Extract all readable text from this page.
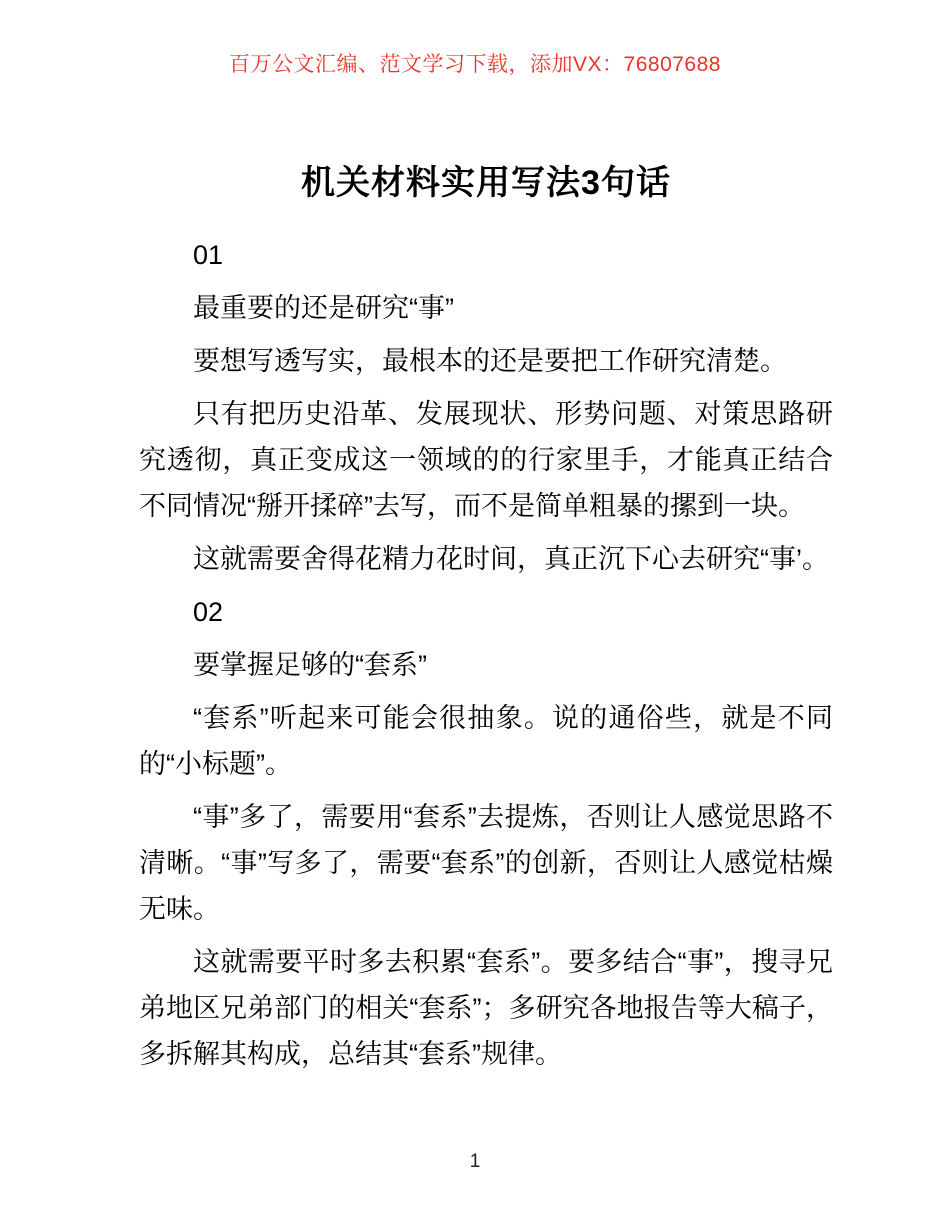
百万公文汇编、范文学习下载，添加VX：76807688
机关材料实用写法3句话

01

最重要的还是研究“事”

要想写透写实，最根本的还是要把工作研究清楚。

只有把历史沿革、发展现状、形势问题、对策思路研究透彻，真正变成这一领域的的行家里手，才能真正结合不同情况“掰开揉碎”去写，而不是简单粗暴的摞到一块。

这就需要舍得花精力花时间，真正沉下心去研究“事’。

02

要掌握足够的“套系”

“套系”听起来可能会很抽象。说的通俗些，就是不同的“小标题”。

“事”多了，需要用“套系”去提炼，否则让人感觉思路不清晰。“事”写多了，需要“套系”的创新，否则让人感觉枯燥无味。

这就需要平时多去积累“套系”。要多结合“事”，搜寻兄弟地区兄弟部门的相关“套系”；多研究各地报告等大稿子，多拆解其构成，总结其“套系”规律。

1
